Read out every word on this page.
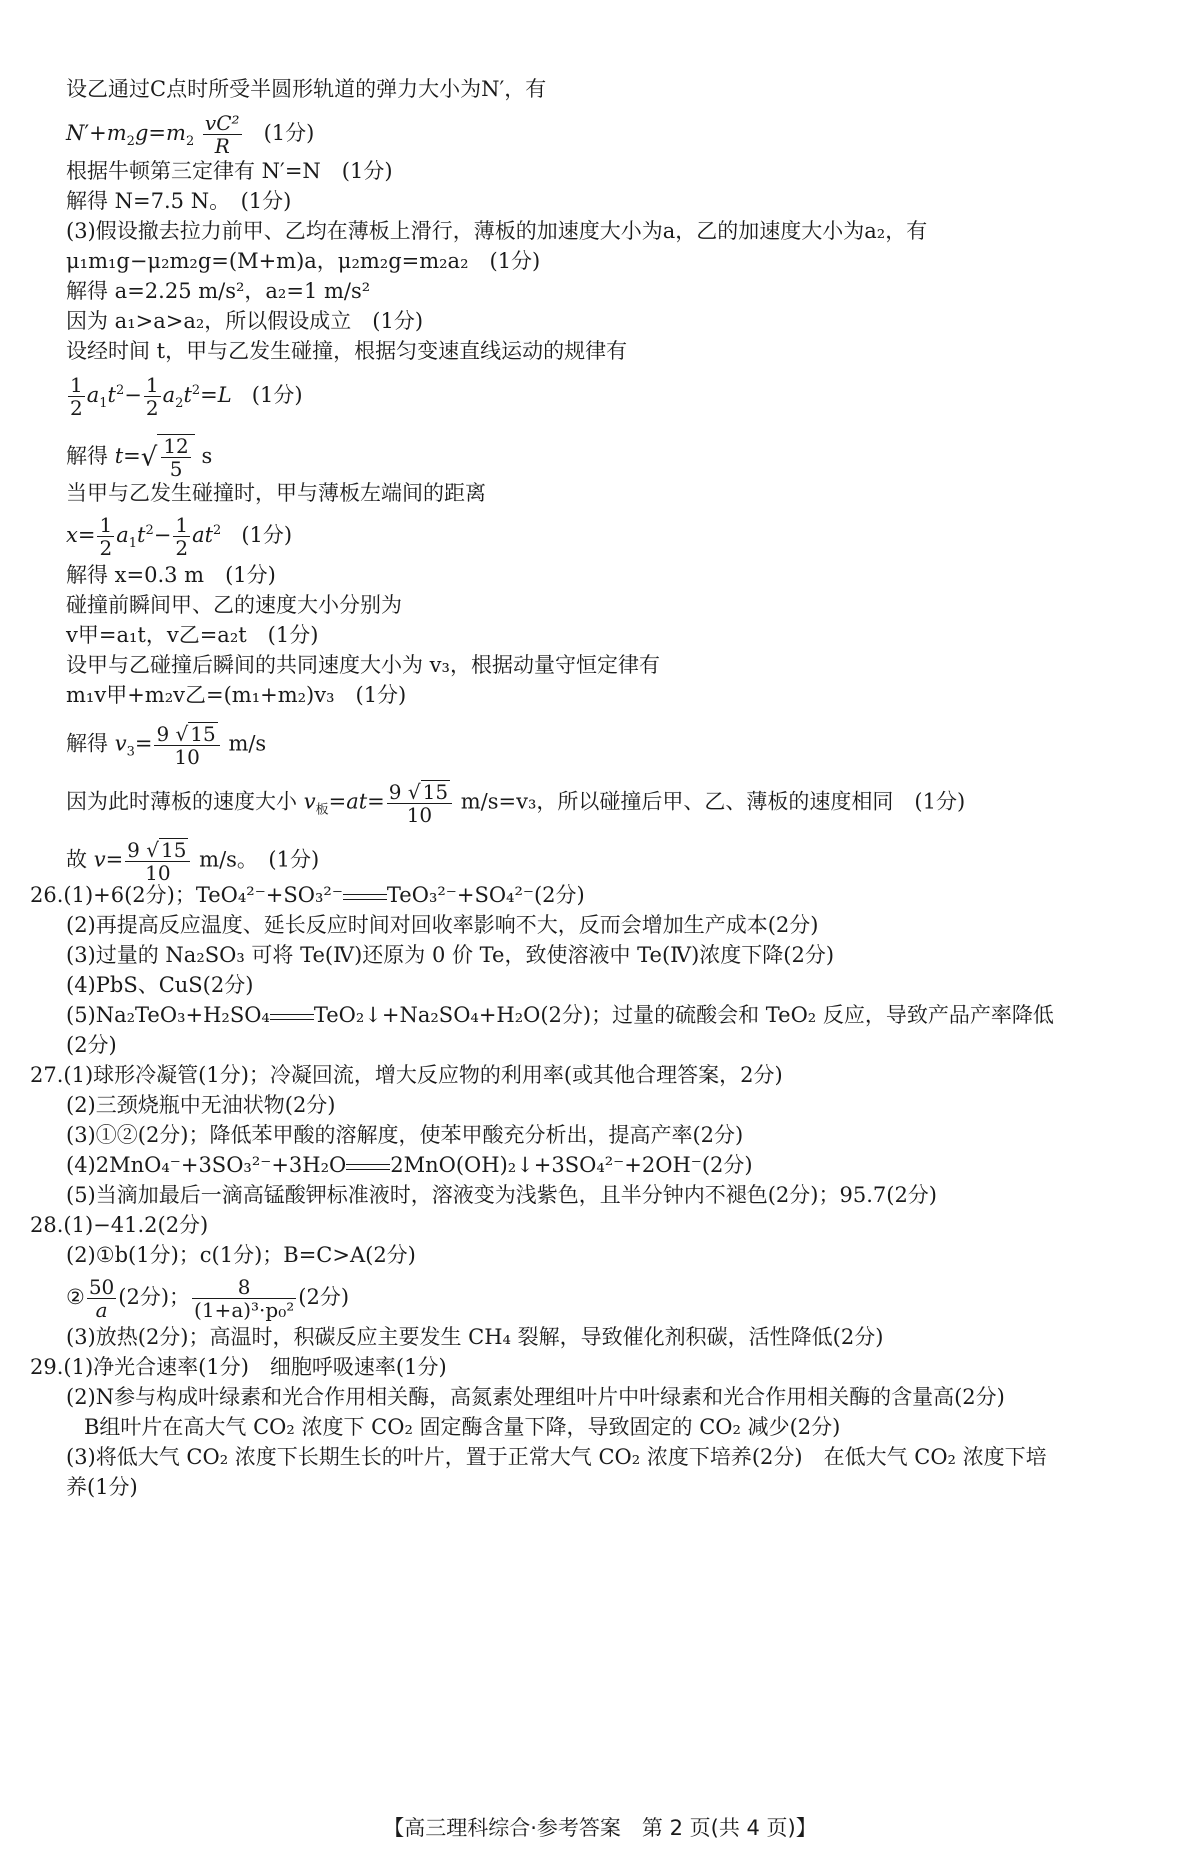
设乙通过C点时所受半圆形轨道的弹力大小为N′，有
$N'+m_2g=m_2 \frac{\text{vC²}}{R} (1$分)
根据牛顿第三定律有 N′=N　(1分)
解得 N=7.5 N。　(1分)
(3)假设撤去拉力前甲、乙均在薄板上滑行，薄板的加速度大小为a，乙的加速度大小为a₂，有
μ₁m₁g−μ₂m₂g=(M+m)a，μ₂m₂g=m₂a₂　(1分)
解得 a=2.25 m/s²，a₂=1 m/s²
因为 a₁>a>a₂，所以假设成立　(1分)
设经时间 t，甲与乙发生碰撞，根据匀变速直线运动的规律有
$\frac{1}{2} a_1t^2- \frac{1}{2} a_2t^2=L$ (1分)
解得 $t=√ \frac{12}{5}$ s
当甲与乙发生碰撞时，甲与薄板左端间的距离
$x= \frac{1}{2} a_1t^2- \frac{1}{2} at^2$ (1分)
解得 x=0.3 m　(1分)
碰撞前瞬间甲、乙的速度大小分别为
v甲=a₁t，v乙=a₂t　(1分)
设甲与乙碰撞后瞬间的共同速度大小为 v₃，根据动量守恒定律有
m₁v甲+m₂v乙=(m₁+m₂)v₃　(1分)
解得 $v_3= \frac{9 √ 15}{10} m/s$
因为此时薄板的速度大小 $v_板=at= \frac{9 √ 15}{10} m/s=v_3$，所以碰撞后甲、乙、薄板的速度相同　(1分)
故 $v= \frac{9 √ 15}{10} m/s$。　(1分)
26.(1)+6(2分)；TeO₄²⁻+SO₃²⁻ TeO₃²⁻+SO₄²⁻(2分)
(2)再提高反应温度、延长反应时间对回收率影响不大，反而会增加生产成本(2分)
(3)过量的 Na₂SO₃ 可将 Te(Ⅳ)还原为 0 价 Te，致使溶液中 Te(Ⅳ)浓度下降(2分)
(4)PbS、CuS(2分)
(5)Na₂TeO₃+H₂SO₄ TeO₂↓+Na₂SO₄+H₂O(2分)；过量的硫酸会和 TeO₂ 反应，导致产品产率降低
(2分)
27.(1)球形冷凝管(1分)；冷凝回流，增大反应物的利用率(或其他合理答案，2分)
(2)三颈烧瓶中无油状物(2分)
(3)①②(2分)；降低苯甲酸的溶解度，使苯甲酸充分析出，提高产率(2分)
(4)2MnO₄⁻+3SO₃²⁻+3H₂O 2MnO(OH)₂↓+3SO₄²⁻+2OH⁻(2分)
(5)当滴加最后一滴高锰酸钾标准液时，溶液变为浅紫色，且半分钟内不褪色(2分)；95.7(2分)
28.(1)−41.2(2分)
(2)①b(1分)；c(1分)；B=C>A(2分)
② $\frac{50}{a} (2$分)； $\frac{8}{\text{(1+a)³·p₀²}} (2$分)
(3)放热(2分)；高温时，积碳反应主要发生 CH₄ 裂解，导致催化剂积碳，活性降低(2分)
29.(1)净光合速率(1分)　细胞呼吸速率(1分)
(2)N参与构成叶绿素和光合作用相关酶，高氮素处理组叶片中叶绿素和光合作用相关酶的含量高(2分)
B组叶片在高大气 CO₂ 浓度下 CO₂ 固定酶含量下降，导致固定的 CO₂ 减少(2分)
(3)将低大气 CO₂ 浓度下长期生长的叶片，置于正常大气 CO₂ 浓度下培养(2分)　在低大气 CO₂ 浓度下培
养(1分)
【高三理科综合·参考答案　第 2 页(共 4 页)】
